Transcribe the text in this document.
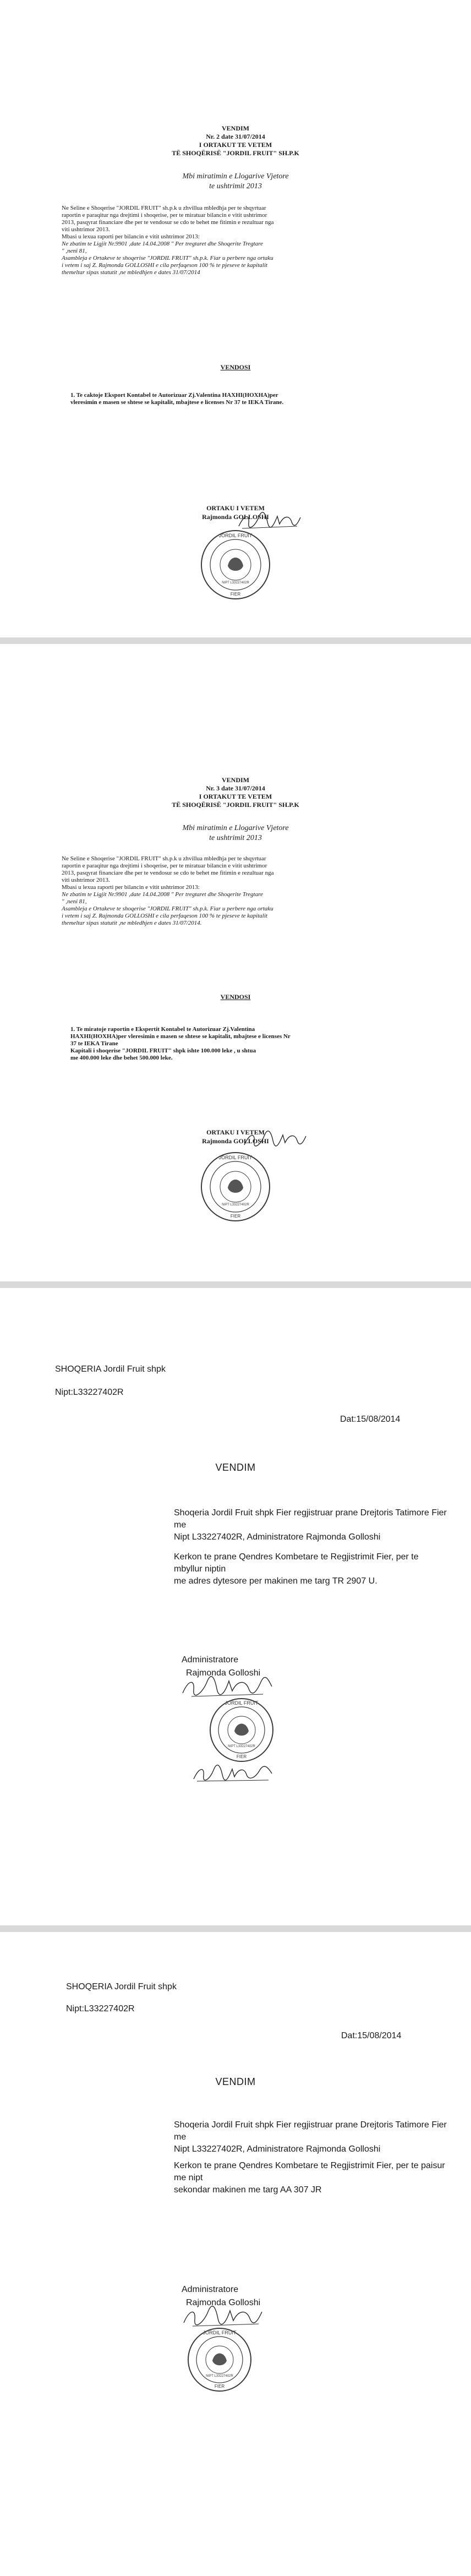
VENDIM

Nr. 2 date 31/07/2014

I ORTAKUT TE VETEM

TË SHOQËRISË "JORDIL FRUIT" SH.P.K

Mbi miratimin e Llogarive Vjetore

te ushtrimit 2013

Ne Seline e Shoqerise "JORDIL FRUIT" sh.p.k u zhvillua mbledhja per te shqyrtuar
raportin e paraqitur nga drejtimi i shoqerise, per te miratuar bilancin e vitit ushtrimor
2013, pasqyrat financiare dhe per te vendosur se cdo te behet me fitimin e rezultuar nga
viti ushtrimor 2013.
Mbasi u lexua raporti per bilancin e vitit ushtrimor 2013:
Ne zbatim te Ligjit Nr.9901 ,date 14.04.2008 " Per tregtaret dhe Shoqerite Tregtare
" ,neni 81,
Asambleja e Ortakeve te shoqerise "JORDIL FRUIT" sh.p.k. Fiar u perbere nga ortaku
i vetem i saj Z. Rajmonda GOLLOSHI e cila perfaqeson 100 % te pjeseve te kapitalit
themeltar sipas statutit ,ne mbledhjen e dates 31/07/2014

VENDOSI

1. Te caktoje Eksport Kontabel te Autorizuar Zj.Valentina HAXHI(HOXHA)per
vleresimin e masen se shtese se kapitalit, mbajtese e licenses Nr 37 te IEKA Tirane.

ORTAKU I VETEM

Rajmonda GOLLOSHI

JORDIL FRUIT
NIPT L33227402R
FIER

VENDIM

Nr. 3 date 31/07/2014

I ORTAKUT TE VETEM

TË SHOQËRISË "JORDIL FRUIT" SH.P.K

Mbi miratimin e Llogarive Vjetore

te ushtrimit 2013

Ne Seline e Shoqerise "JORDIL FRUIT" sh.p.k u zhvillua mbledhja per te shqyrtuar
raportin e paraqitur nga drejtimi i shoqerise, per te miratuar bilancin e vitit ushtrimor
2013, pasqyrat financiare dhe per te vendosur se cdo te behet me fitimin e rezultuar nga
viti ushtrimor 2013.
Mbasi u lexua raporti per bilancin e vitit ushtrimor 2013:
Ne zbatim te Ligjit Nr.9901 ,date 14.04.2008 " Per tregtaret dhe Shoqerite Tregtare
" ,neni 81,
Asambleja e Ortakeve te shoqerise "JORDIL FRUIT" sh.p.k. Fiar u perbere nga ortaku
i vetem i saj Z. Rajmonda GOLLOSHI e cila perfaqeson 100 % te pjeseve te kapitalit
themeltar sipas statutit ,ne mbledhjen e dates 31/07/2014.

VENDOSI

1. Te miratoje raportin e Ekspertit Kontabel te Autorizuar Zj.Valentina
HAXHI(HOXHA)per vleresimin e masen se shtese se kapitalit, mbajtese e licenses Nr
37 te IEKA Tirane
Kapitali i shoqerise "JORDIL FRUIT" shpk ishte 100.000 leke , u shtua
me 400.000 leke dhe behet 500.000 leke.

ORTAKU I VETEM

Rajmonda GOLLOSHI

JORDIL FRUIT
NIPT L33227402R
FIER

SHOQERIA Jordil Fruit shpk

Nipt:L33227402R

Dat:15/08/2014

VENDIM

Shoqeria Jordil Fruit shpk Fier regjistruar prane Drejtoris Tatimore Fier me
Nipt L33227402R, Administratore Rajmonda Golloshi
Kerkon te prane Qendres Kombetare te Regjistrimit Fier, per te mbyllur niptin
me adres dytesore per makinen me targ TR 2907 U.

Administratore

Rajmonda Golloshi

JORDIL FRUIT
NIPT L33227402R
FIER

SHOQERIA Jordil Fruit shpk

Nipt:L33227402R

Dat:15/08/2014

VENDIM

Shoqeria Jordil Fruit shpk Fier regjistruar prane Drejtoris Tatimore Fier me
Nipt L33227402R, Administratore Rajmonda Golloshi
Kerkon te prane Qendres Kombetare te Regjistrimit Fier, per te paisur me nipt
sekondar makinen me targ AA 307 JR

Administratore

Rajmonda Golloshi

JORDIL FRUIT
NIPT L33227402R
FIER
